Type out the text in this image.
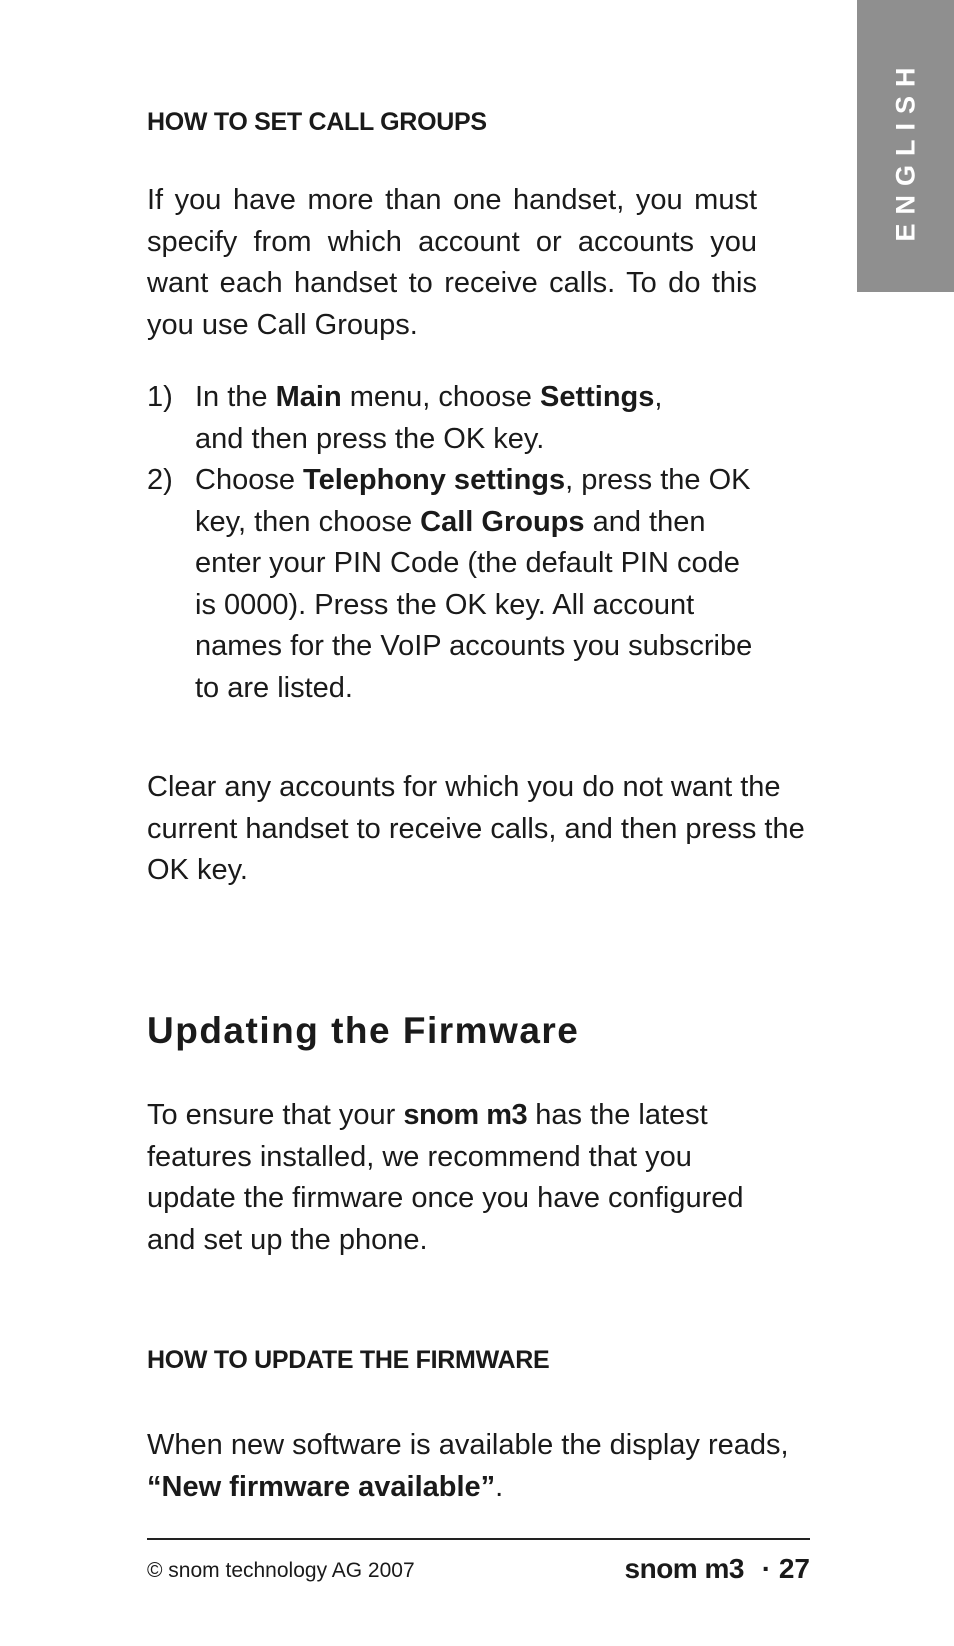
ENGLISH
HOW TO SET CALL GROUPS

If you have more than one handset, you must specify from which account or accounts you want each handset to receive calls. To do this you use Call Groups.

1) In the Main menu, choose Settings, and then press the OK key.
2) Choose Telephony settings, press the OK key, then choose Call Groups and then enter your PIN Code (the default PIN code is 0000). Press the OK key. All account names for the VoIP accounts you subscribe to are listed.

Clear any accounts for which you do not want the current handset to receive calls, and then press the OK key.

Updating the Firmware

To ensure that your snom m3 has the latest features installed, we recommend that you update the firmware once you have configured and set up the phone.

HOW TO UPDATE THE FIRMWARE

When new software is available the display reads, “New firmware available”.

© snom technology AG 2007	snom m3 · 27
